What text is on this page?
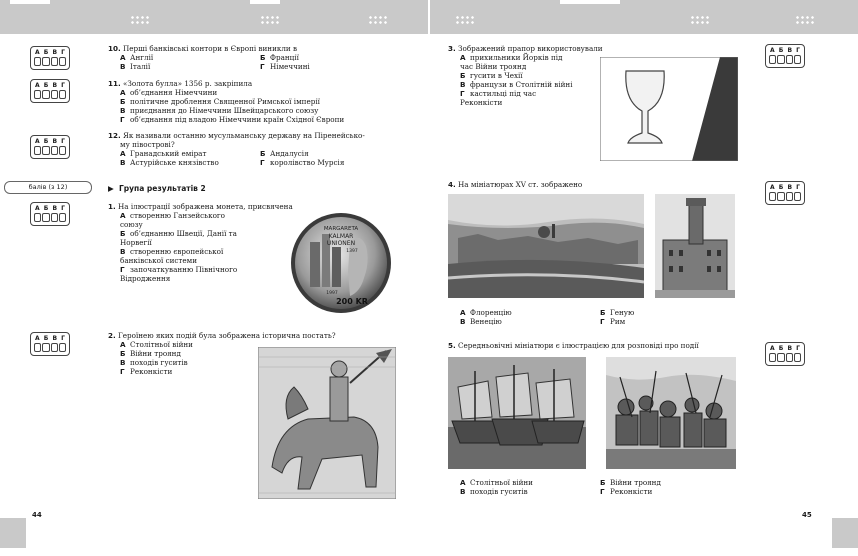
44	45
А Б В Г
А Б В Г
А Б В Г
А Б В Г
А Б В Г
10. Перші банківські контори в Європі виникли в
А Англії	Б Франції
В Італії	Г Німеччині
11. «Золота булла» 1356 р. закріпила
А об’єднання Німеччини
Б політичне дроблення Священної Римської імперії
В приєднання до Німеччини Швейцарського союзу
Г об’єднання під владою Німеччини країн Східної Європи
12. Як називали останню мусульманську державу на Піренейсько-
му півострові?
А Гранадський емірат	Б Андалусія
В Астурійське князівство	Г королівство Мурсія
балів (з 12)	▶ Група результатів 2
1. На ілюстрації зображена монета, присвячена
А створенню Ганзейського союзу
Б об’єднанню Швеції, Данії та Норвегії
В створенню європейської банківської системи
Г започаткуванню Північного Відродження
MARGARETA
KALMAR
UNIONEN
1397
1997
200 KR
2. Героїнею яких подій була зображена історична постать?
А Столітньої війни
Б Війни троянд
В походів гуситів
Г Реконкісти
А Б В Г
А Б В Г
А Б В Г
3. Зображений прапор використовували
А прихильники Йорків під час Війни троянд
Б гусити в Чехії
В французи в Столітній війні
Г кастильці під час Реконкісти
4. На мініатюрах XV ст. зображено
А Флоренцію	Б Геную
В Венецію	Г Рим
5. Середньовічні мініатюри є ілюстрацією для розповіді про події
А Столітньої війни	Б Війни троянд
В походів гуситів	Г Реконкісти
